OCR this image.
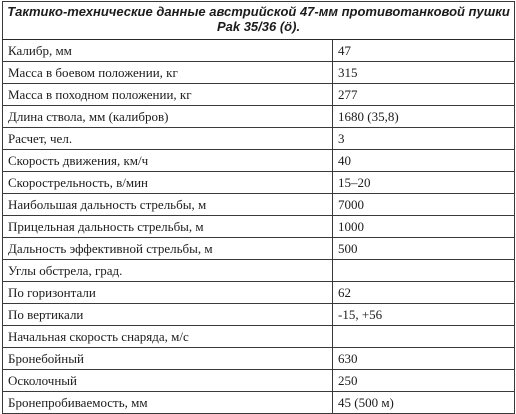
Тактико-технические данные австрийской 47-мм противотанковой пушки
Pak 35/36 (ö).	

Калибр, мм	47
Масса в боевом положении, кг	315
Масса в походном положении, кг	277
Длина ствола, мм (калибров)	1680 (35,8)
Расчет, чел.	3
Скорость движения, км/ч	40
Скорострельность, в/мин	15–20
Наибольшая дальность стрельбы, м	7000
Прицельная дальность стрельбы, м	1000
Дальность эффективной стрельбы, м	500
Углы обстрела, град.	
По горизонтали	62
По вертикали	-15, +56
Начальная скорость снаряда, м/с	
Бронебойный	630
Осколочный	250
Бронепробиваемость, мм	45 (500 м)
